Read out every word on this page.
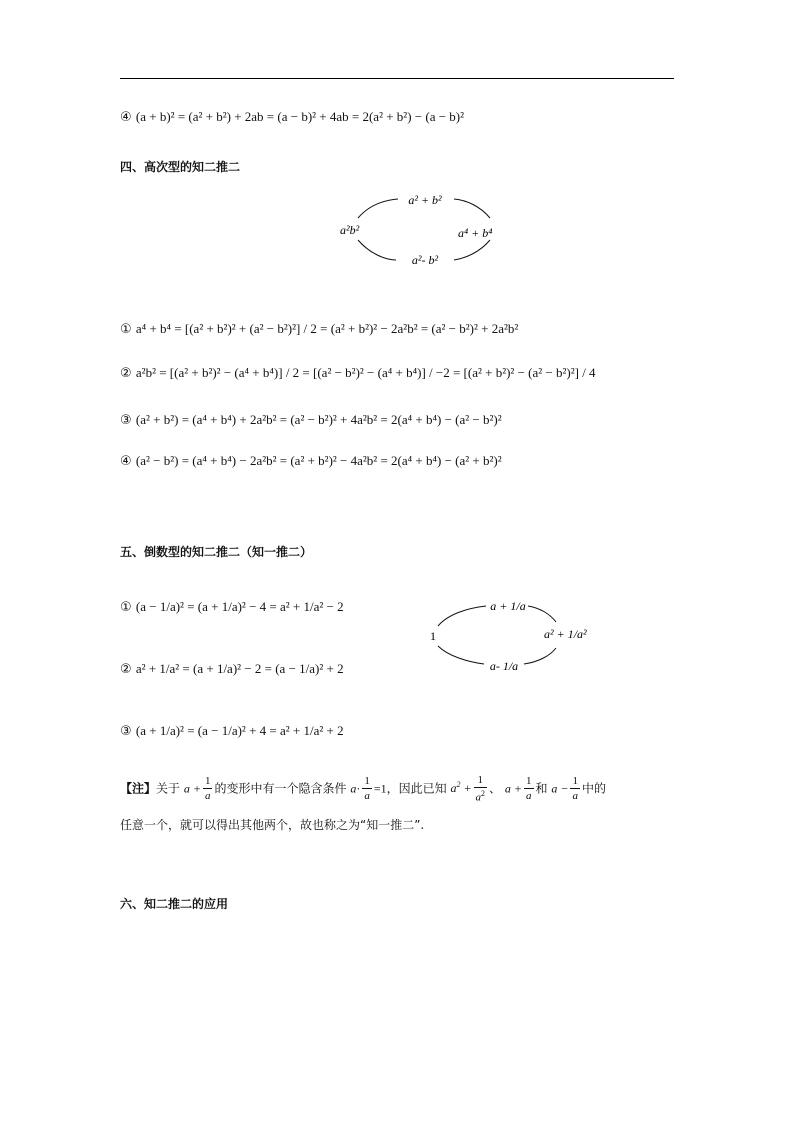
④ (a + b)² = (a² + b²) + 2ab = (a − b)² + 4ab = 2(a² + b²) − (a − b)²
四、高次型的知二推二
a² + b²
a²b²	a⁴ + b⁴
a²- b²
① a⁴ + b⁴ = [(a² + b²)² + (a² − b²)²] / 2 = (a² + b²)² − 2a²b² = (a² − b²)² + 2a²b²
② a²b² = [(a² + b²)² − (a⁴ + b⁴)] / 2 = [(a² − b²)² − (a⁴ + b⁴)] / −2 = [(a² + b²)² − (a² − b²)²] / 4
③ (a² + b²) = (a⁴ + b⁴) + 2a²b² = (a² − b²)² + 4a²b² = 2(a⁴ + b⁴) − (a² − b²)²
④ (a² − b²) = (a⁴ + b⁴) − 2a²b² = (a² + b²)² − 4a²b² = 2(a⁴ + b⁴) − (a² + b²)²
五、倒数型的知二推二（知一推二）
① (a − 1/a)² = (a + 1/a)² − 4 = a² + 1/a² − 2
② a² + 1/a² = (a + 1/a)² − 2 = (a − 1/a)² + 2
③ (a + 1/a)² = (a − 1/a)² + 4 = a² + 1/a² + 2
1
a + 1/a
a² + 1/a²
a- 1/a
【注】关于 $a + \frac{1}{a}$ 的变形中有一个隐含条件 $a\cdot \frac{1}{a} =1$，因此已知 $a^2 + \frac{1}{a^2}$ 、 $a + \frac{1}{a}$ 和 $a - \frac{1}{a}$ 中的
任意一个，就可以得出其他两个，故也称之为“知一推二”.
六、知二推二的应用
